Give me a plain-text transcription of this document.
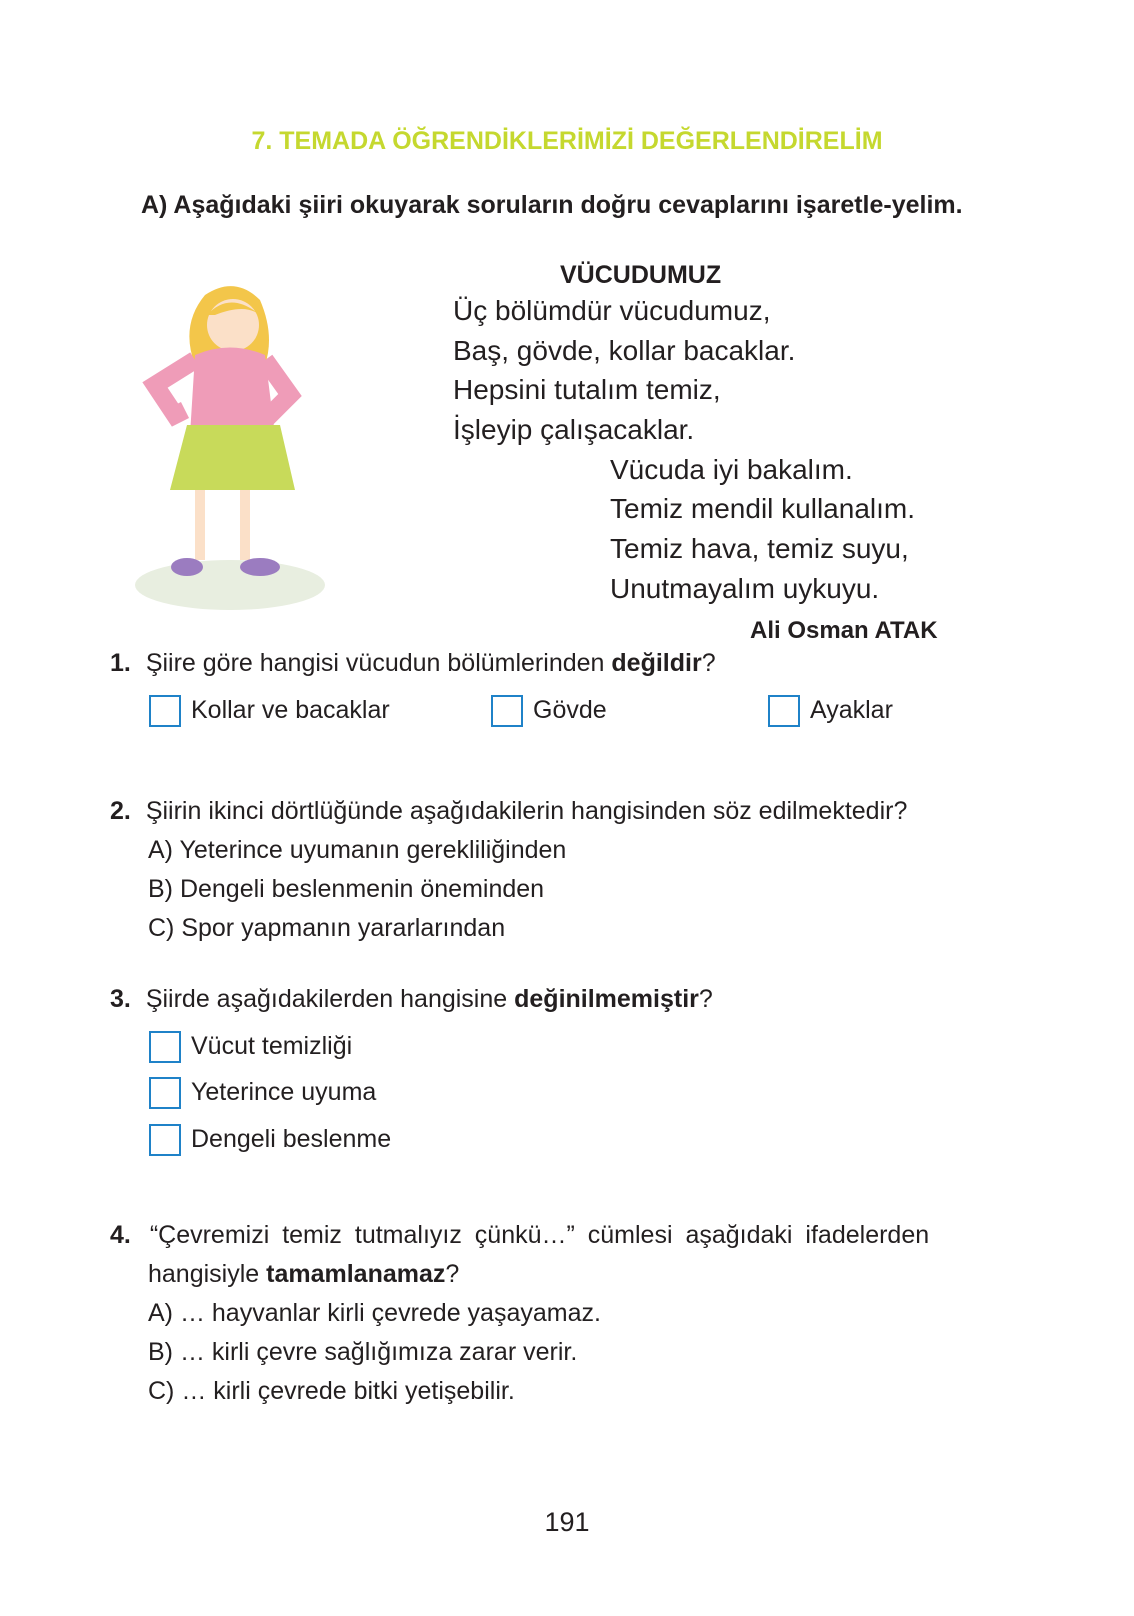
7. TEMADA ÖĞRENDİKLERİMİZİ DEĞERLENDİRELİM
A) Aşağıdaki şiiri okuyarak soruların doğru cevaplarını işaretle-yelim.
VÜCUDUMUZ
Üç bölümdür vücudumuz,
Baş, gövde, kollar bacaklar.
Hepsini tutalım temiz,
İşleyip çalışacaklar.
Vücuda iyi bakalım.
Temiz mendil kullanalım.
Temiz hava, temiz suyu,
Unutmayalım uykuyu.
Ali Osman ATAK
1. Şiire göre hangisi vücudun bölümlerinden değildir?
Kollar ve bacaklar	Gövde	Ayaklar
2. Şiirin ikinci dörtlüğünde aşağıdakilerin hangisinden söz edilmektedir?
A) Yeterince uyumanın gerekliliğinden
B) Dengeli beslenmenin öneminden
C) Spor yapmanın yararlarından
3. Şiirde aşağıdakilerden hangisine değinilmemiştir?
Vücut temizliği
Yeterince uyuma
Dengeli beslenme
4. “Çevremizi temiz tutmalıyız çünkü…” cümlesi aşağıdaki ifadelerden
hangisiyle tamamlanamaz?
A) … hayvanlar kirli çevrede yaşayamaz.
B) … kirli çevre sağlığımıza zarar verir.
C) … kirli çevrede bitki yetişebilir.
191
